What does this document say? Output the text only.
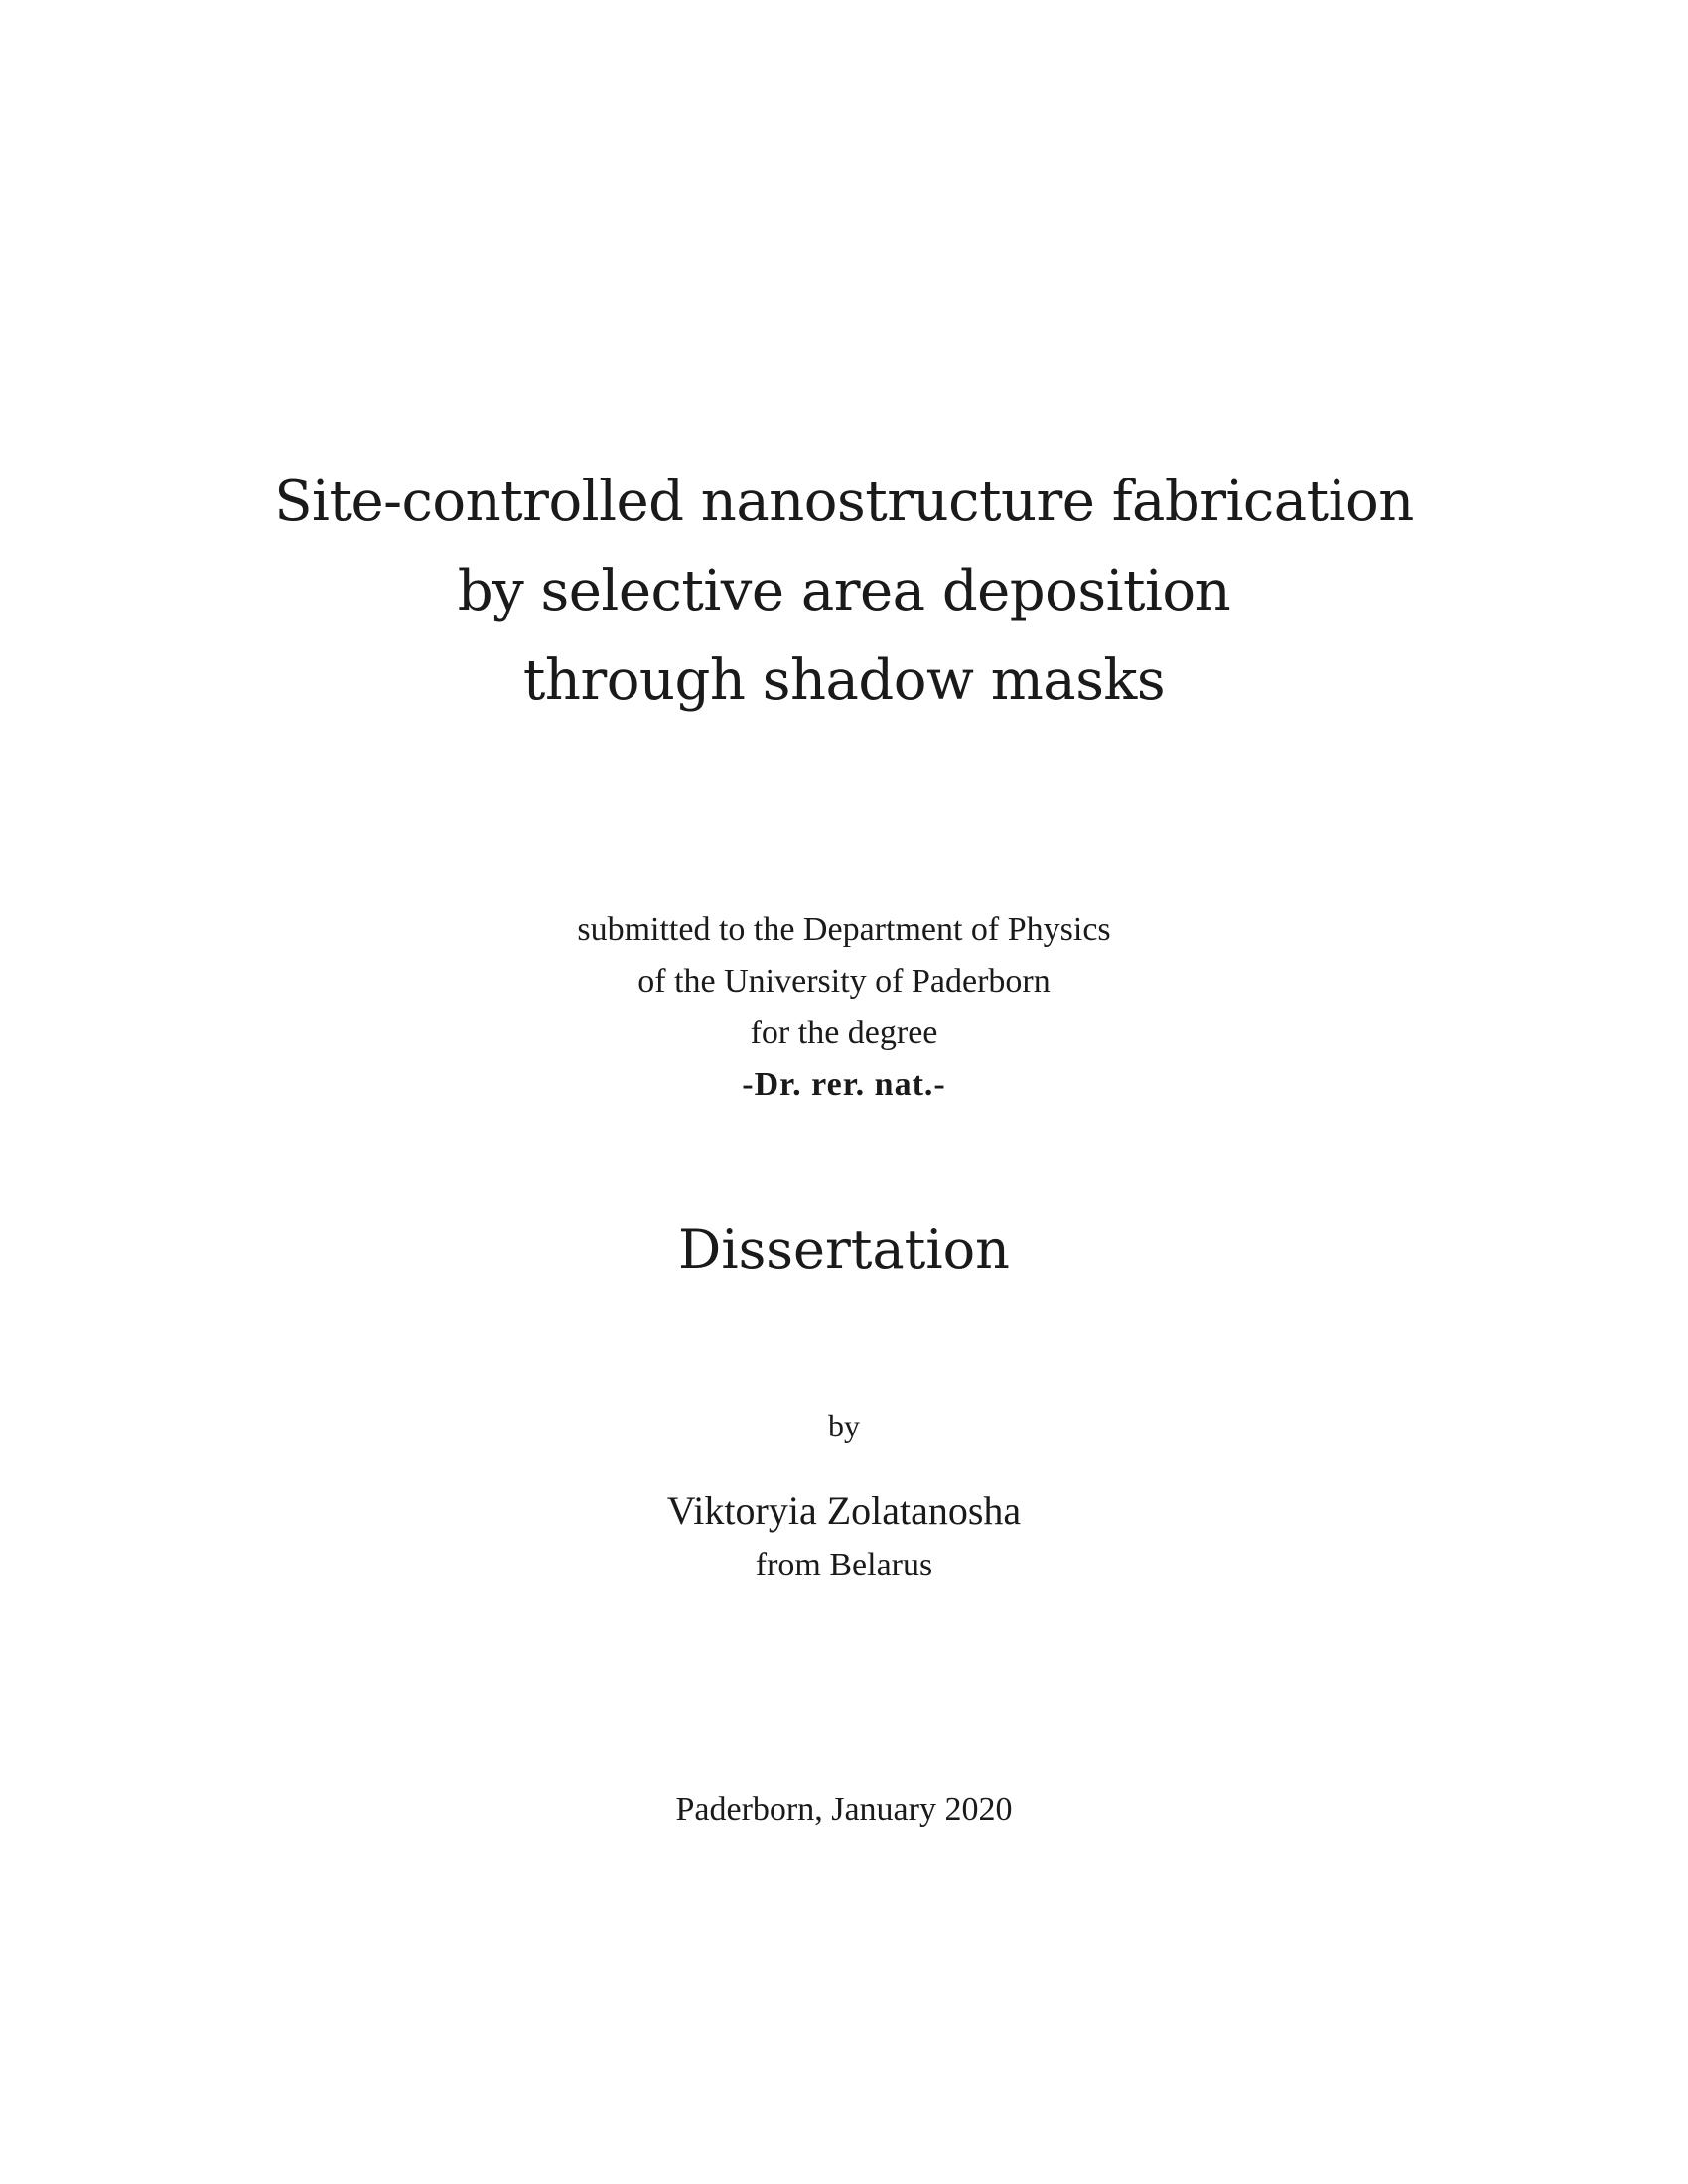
Site-controlled nanostructure fabrication
by selective area deposition
through shadow masks
submitted to the Department of Physics
of the University of Paderborn
for the degree
-Dr. rer. nat.-
Dissertation
by
Viktoryia Zolatanosha
from Belarus
Paderborn, January 2020
